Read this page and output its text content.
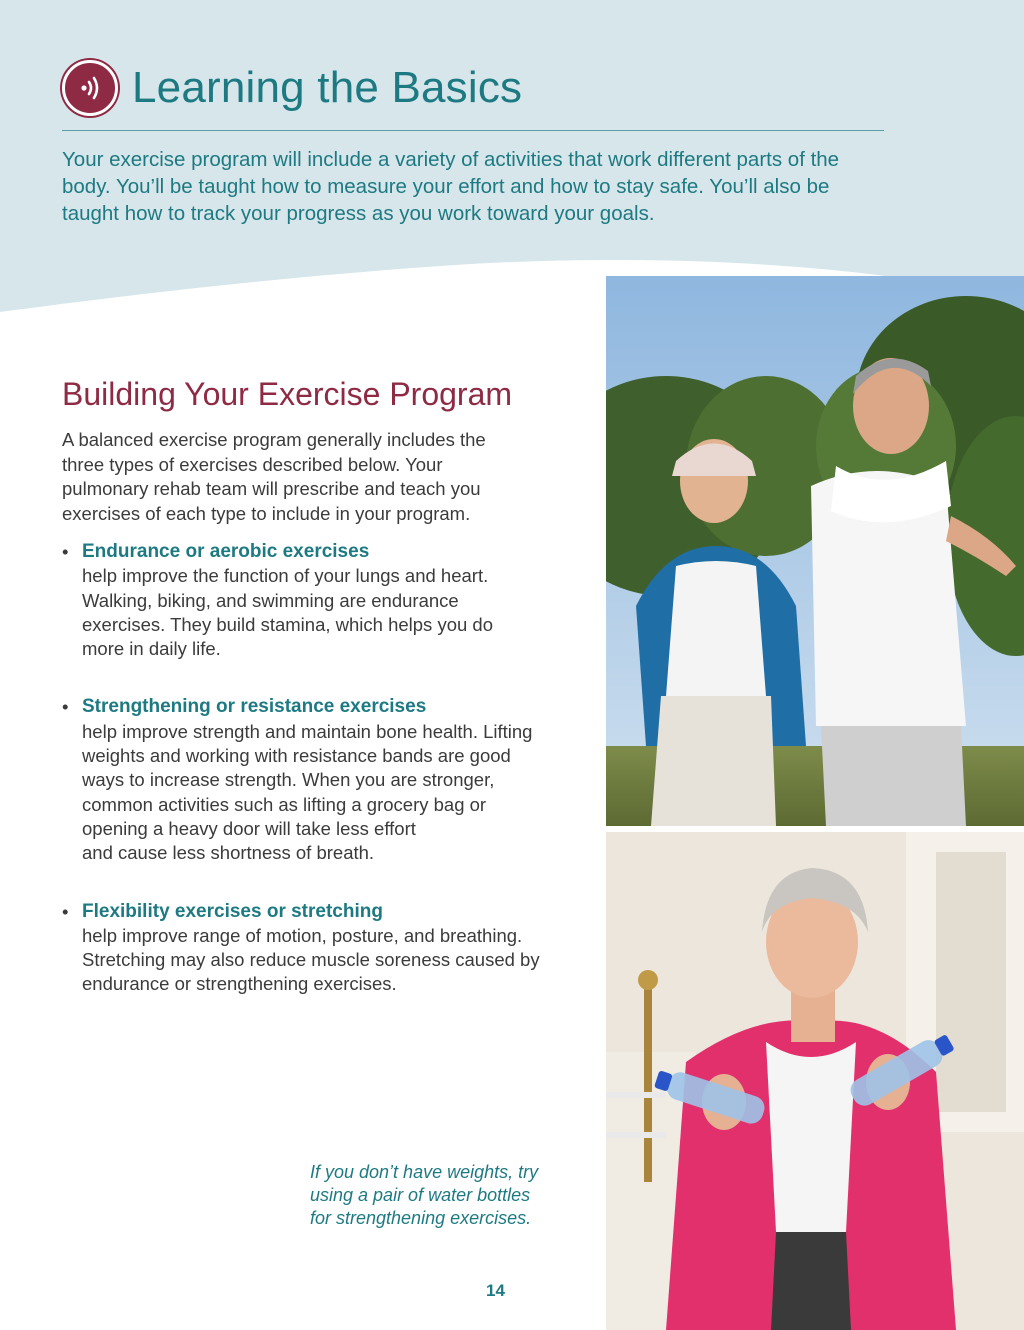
Learning the Basics

Your exercise program will include a variety of activities that work different parts of the body. You’ll be taught how to measure your effort and how to stay safe. You’ll also be taught how to track your progress as you work toward your goals.

Building Your Exercise Program

A balanced exercise program generally includes the three types of exercises described below. Your pulmonary rehab team will prescribe and teach you exercises of each type to include in your program.

• Endurance or aerobic exercises
help improve the function of your lungs and heart.
Walking, biking, and swimming are endurance
exercises. They build stamina, which helps you do
more in daily life.
• Strengthening or resistance exercises
help improve strength and maintain bone health. Lifting
weights and working with resistance bands are good
ways to increase strength. When you are stronger,
common activities such as lifting a grocery bag or
opening a heavy door will take less effort
and cause less shortness of breath.
• Flexibility exercises or stretching
help improve range of motion, posture, and breathing.
Stretching may also reduce muscle soreness caused by
endurance or strengthening exercises.

If you don’t have weights, try
using a pair of water bottles
for strengthening exercises.

14
